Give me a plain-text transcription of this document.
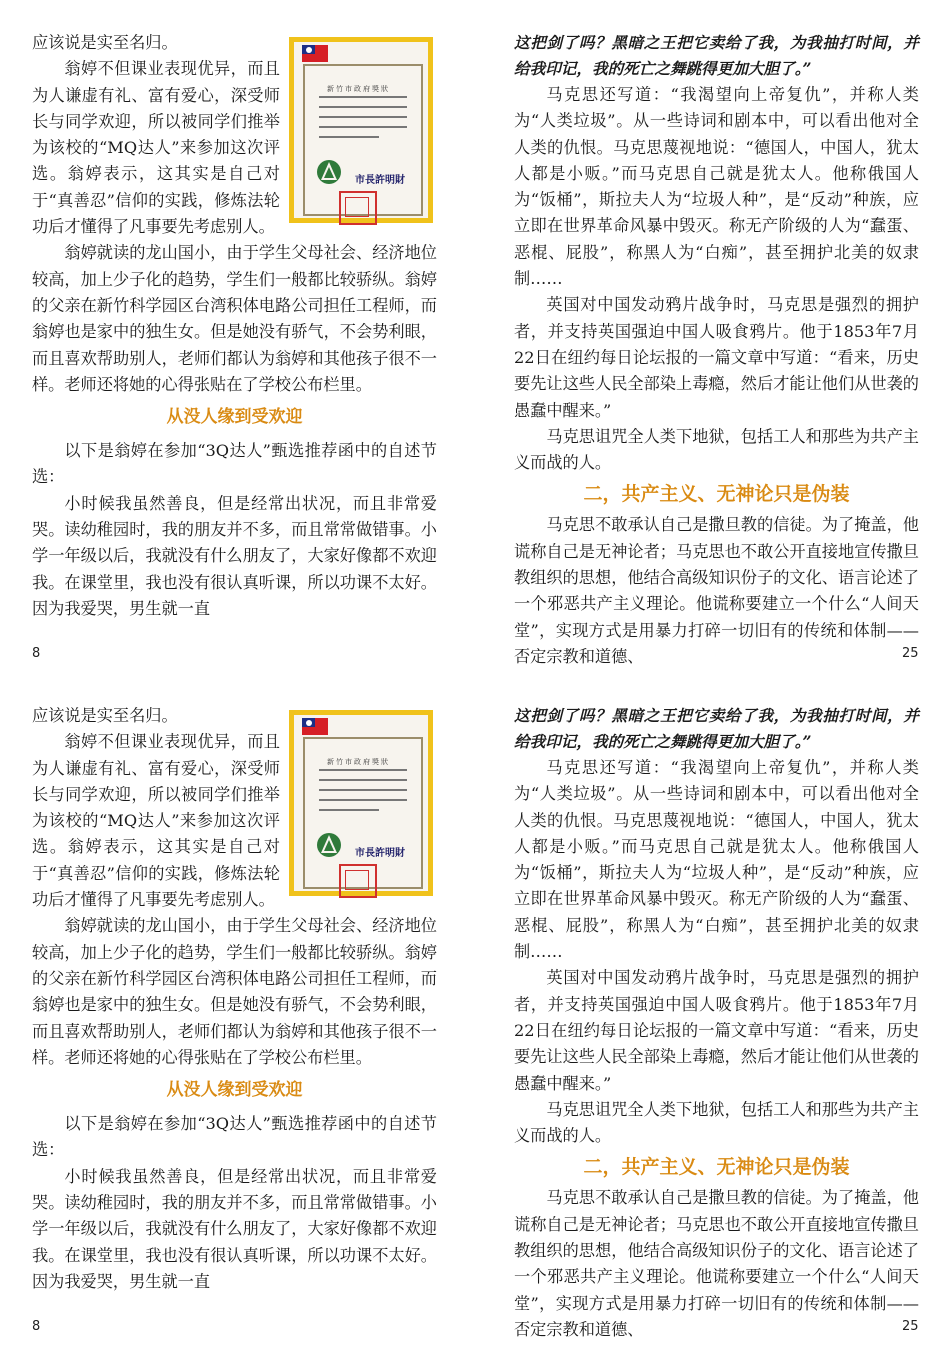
新竹市政府獎狀
市長許明財

应该说是实至名归。

翁婷不但课业表现优异，而且为人谦虚有礼、富有爱心，深受师长与同学欢迎，所以被同学们推举为该校的“MQ达人”来参加这次评选。翁婷表示，这其实是自己对于“真善忍”信仰的实践，修炼法轮功后才懂得了凡事要先考虑别人。

翁婷就读的龙山国小，由于学生父母社会、经济地位较高，加上少子化的趋势，学生们一般都比较骄纵。翁婷的父亲在新竹科学园区台湾积体电路公司担任工程师，而翁婷也是家中的独生女。但是她没有骄气，不会势利眼，而且喜欢帮助别人，老师们都认为翁婷和其他孩子很不一样。老师还将她的心得张贴在了学校公布栏里。

从没人缘到受欢迎

以下是翁婷在参加“3Q达人”甄选推荐函中的自述节选：

小时候我虽然善良，但是经常出状况，而且非常爱哭。读幼稚园时，我的朋友并不多，而且常常做错事。小学一年级以后，我就没有什么朋友了，大家好像都不欢迎我。在课堂里，我也没有很认真听课，所以功课不太好。因为我爱哭，男生就一直

8

这把剑了吗？黑暗之王把它卖给了我，为我抽打时间，并给我印记，我的死亡之舞跳得更加大胆了。”

马克思还写道：“我渴望向上帝复仇”，并称人类为“人类垃圾”。从一些诗词和剧本中，可以看出他对全人类的仇恨。马克思蔑视地说：“德国人，中国人，犹太人都是小贩。”而马克思自己就是犹太人。他称俄国人为“饭桶”，斯拉夫人为“垃圾人种”，是“反动”种族，应立即在世界革命风暴中毁灭。称无产阶级的人为“蠢蛋、恶棍、屁股”，称黑人为“白痴”，甚至拥护北美的奴隶制……

英国对中国发动鸦片战争时，马克思是强烈的拥护者，并支持英国强迫中国人吸食鸦片。他于1853年7月22日在纽约每日论坛报的一篇文章中写道：“看来，历史要先让这些人民全部染上毒瘾，然后才能让他们从世袭的愚蠢中醒来。”

马克思诅咒全人类下地狱，包括工人和那些为共产主义而战的人。

二，共产主义、无神论只是伪装

马克思不敢承认自己是撒旦教的信徒。为了掩盖，他谎称自己是无神论者；马克思也不敢公开直接地宣传撒旦教组织的思想，他结合高级知识份子的文化、语言论述了一个邪恶共产主义理论。他谎称要建立一个什么“人间天堂”，实现方式是用暴力打碎一切旧有的传统和体制——否定宗教和道德、	25
新竹市政府獎狀
市長許明財

应该说是实至名归。

翁婷不但课业表现优异，而且为人谦虚有礼、富有爱心，深受师长与同学欢迎，所以被同学们推举为该校的“MQ达人”来参加这次评选。翁婷表示，这其实是自己对于“真善忍”信仰的实践，修炼法轮功后才懂得了凡事要先考虑别人。

翁婷就读的龙山国小，由于学生父母社会、经济地位较高，加上少子化的趋势，学生们一般都比较骄纵。翁婷的父亲在新竹科学园区台湾积体电路公司担任工程师，而翁婷也是家中的独生女。但是她没有骄气，不会势利眼，而且喜欢帮助别人，老师们都认为翁婷和其他孩子很不一样。老师还将她的心得张贴在了学校公布栏里。

从没人缘到受欢迎

以下是翁婷在参加“3Q达人”甄选推荐函中的自述节选：

小时候我虽然善良，但是经常出状况，而且非常爱哭。读幼稚园时，我的朋友并不多，而且常常做错事。小学一年级以后，我就没有什么朋友了，大家好像都不欢迎我。在课堂里，我也没有很认真听课，所以功课不太好。因为我爱哭，男生就一直

8

这把剑了吗？黑暗之王把它卖给了我，为我抽打时间，并给我印记，我的死亡之舞跳得更加大胆了。”

马克思还写道：“我渴望向上帝复仇”，并称人类为“人类垃圾”。从一些诗词和剧本中，可以看出他对全人类的仇恨。马克思蔑视地说：“德国人，中国人，犹太人都是小贩。”而马克思自己就是犹太人。他称俄国人为“饭桶”，斯拉夫人为“垃圾人种”，是“反动”种族，应立即在世界革命风暴中毁灭。称无产阶级的人为“蠢蛋、恶棍、屁股”，称黑人为“白痴”，甚至拥护北美的奴隶制……

英国对中国发动鸦片战争时，马克思是强烈的拥护者，并支持英国强迫中国人吸食鸦片。他于1853年7月22日在纽约每日论坛报的一篇文章中写道：“看来，历史要先让这些人民全部染上毒瘾，然后才能让他们从世袭的愚蠢中醒来。”

马克思诅咒全人类下地狱，包括工人和那些为共产主义而战的人。

二，共产主义、无神论只是伪装

马克思不敢承认自己是撒旦教的信徒。为了掩盖，他谎称自己是无神论者；马克思也不敢公开直接地宣传撒旦教组织的思想，他结合高级知识份子的文化、语言论述了一个邪恶共产主义理论。他谎称要建立一个什么“人间天堂”，实现方式是用暴力打碎一切旧有的传统和体制——否定宗教和道德、	25
